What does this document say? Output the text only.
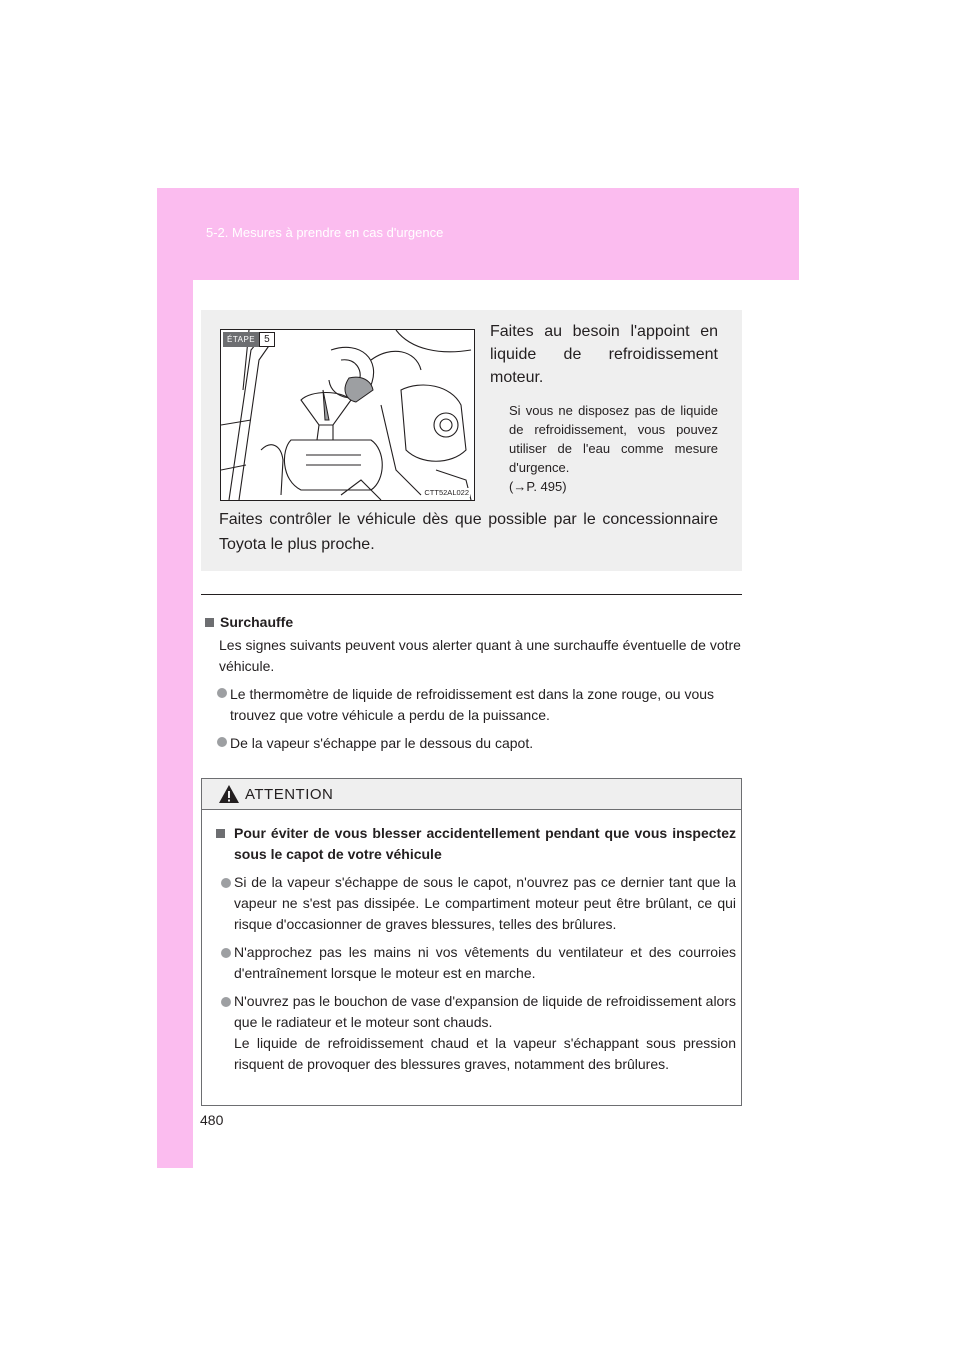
5-2. Mesures à prendre en cas d'urgence
ÉTAPE 5
CTT52AL022

Faites au besoin l'appoint en liquide de refroidissement moteur.

Si vous ne disposez pas de liquide de refroidissement, vous pouvez utiliser de l'eau comme mesure d'urgence.
(→P. 495)

Faites contrôler le véhicule dès que possible par le concessionnaire Toyota le plus proche.

Surchauffe
Les signes suivants peuvent vous alerter quant à une surchauffe éventuelle de votre véhicule.
Le thermomètre de liquide de refroidissement est dans la zone rouge, ou vous trouvez que votre véhicule a perdu de la puissance.
De la vapeur s'échappe par le dessous du capot.
ATTENTION
Pour éviter de vous blesser accidentellement pendant que vous inspectez sous le capot de votre véhicule
Si de la vapeur s'échappe de sous le capot, n'ouvrez pas ce dernier tant que la vapeur ne s'est pas dissipée. Le compartiment moteur peut être brûlant, ce qui risque d'occasionner de graves blessures, telles des brûlures.
N'approchez pas les mains ni vos vêtements du ventilateur et des courroies d'entraînement lorsque le moteur est en marche.
N'ouvrez pas le bouchon de vase d'expansion de liquide de refroidissement alors que le radiateur et le moteur sont chauds.
Le liquide de refroidissement chaud et la vapeur s'échappant sous pression risquent de provoquer des blessures graves, notamment des brûlures.
480
